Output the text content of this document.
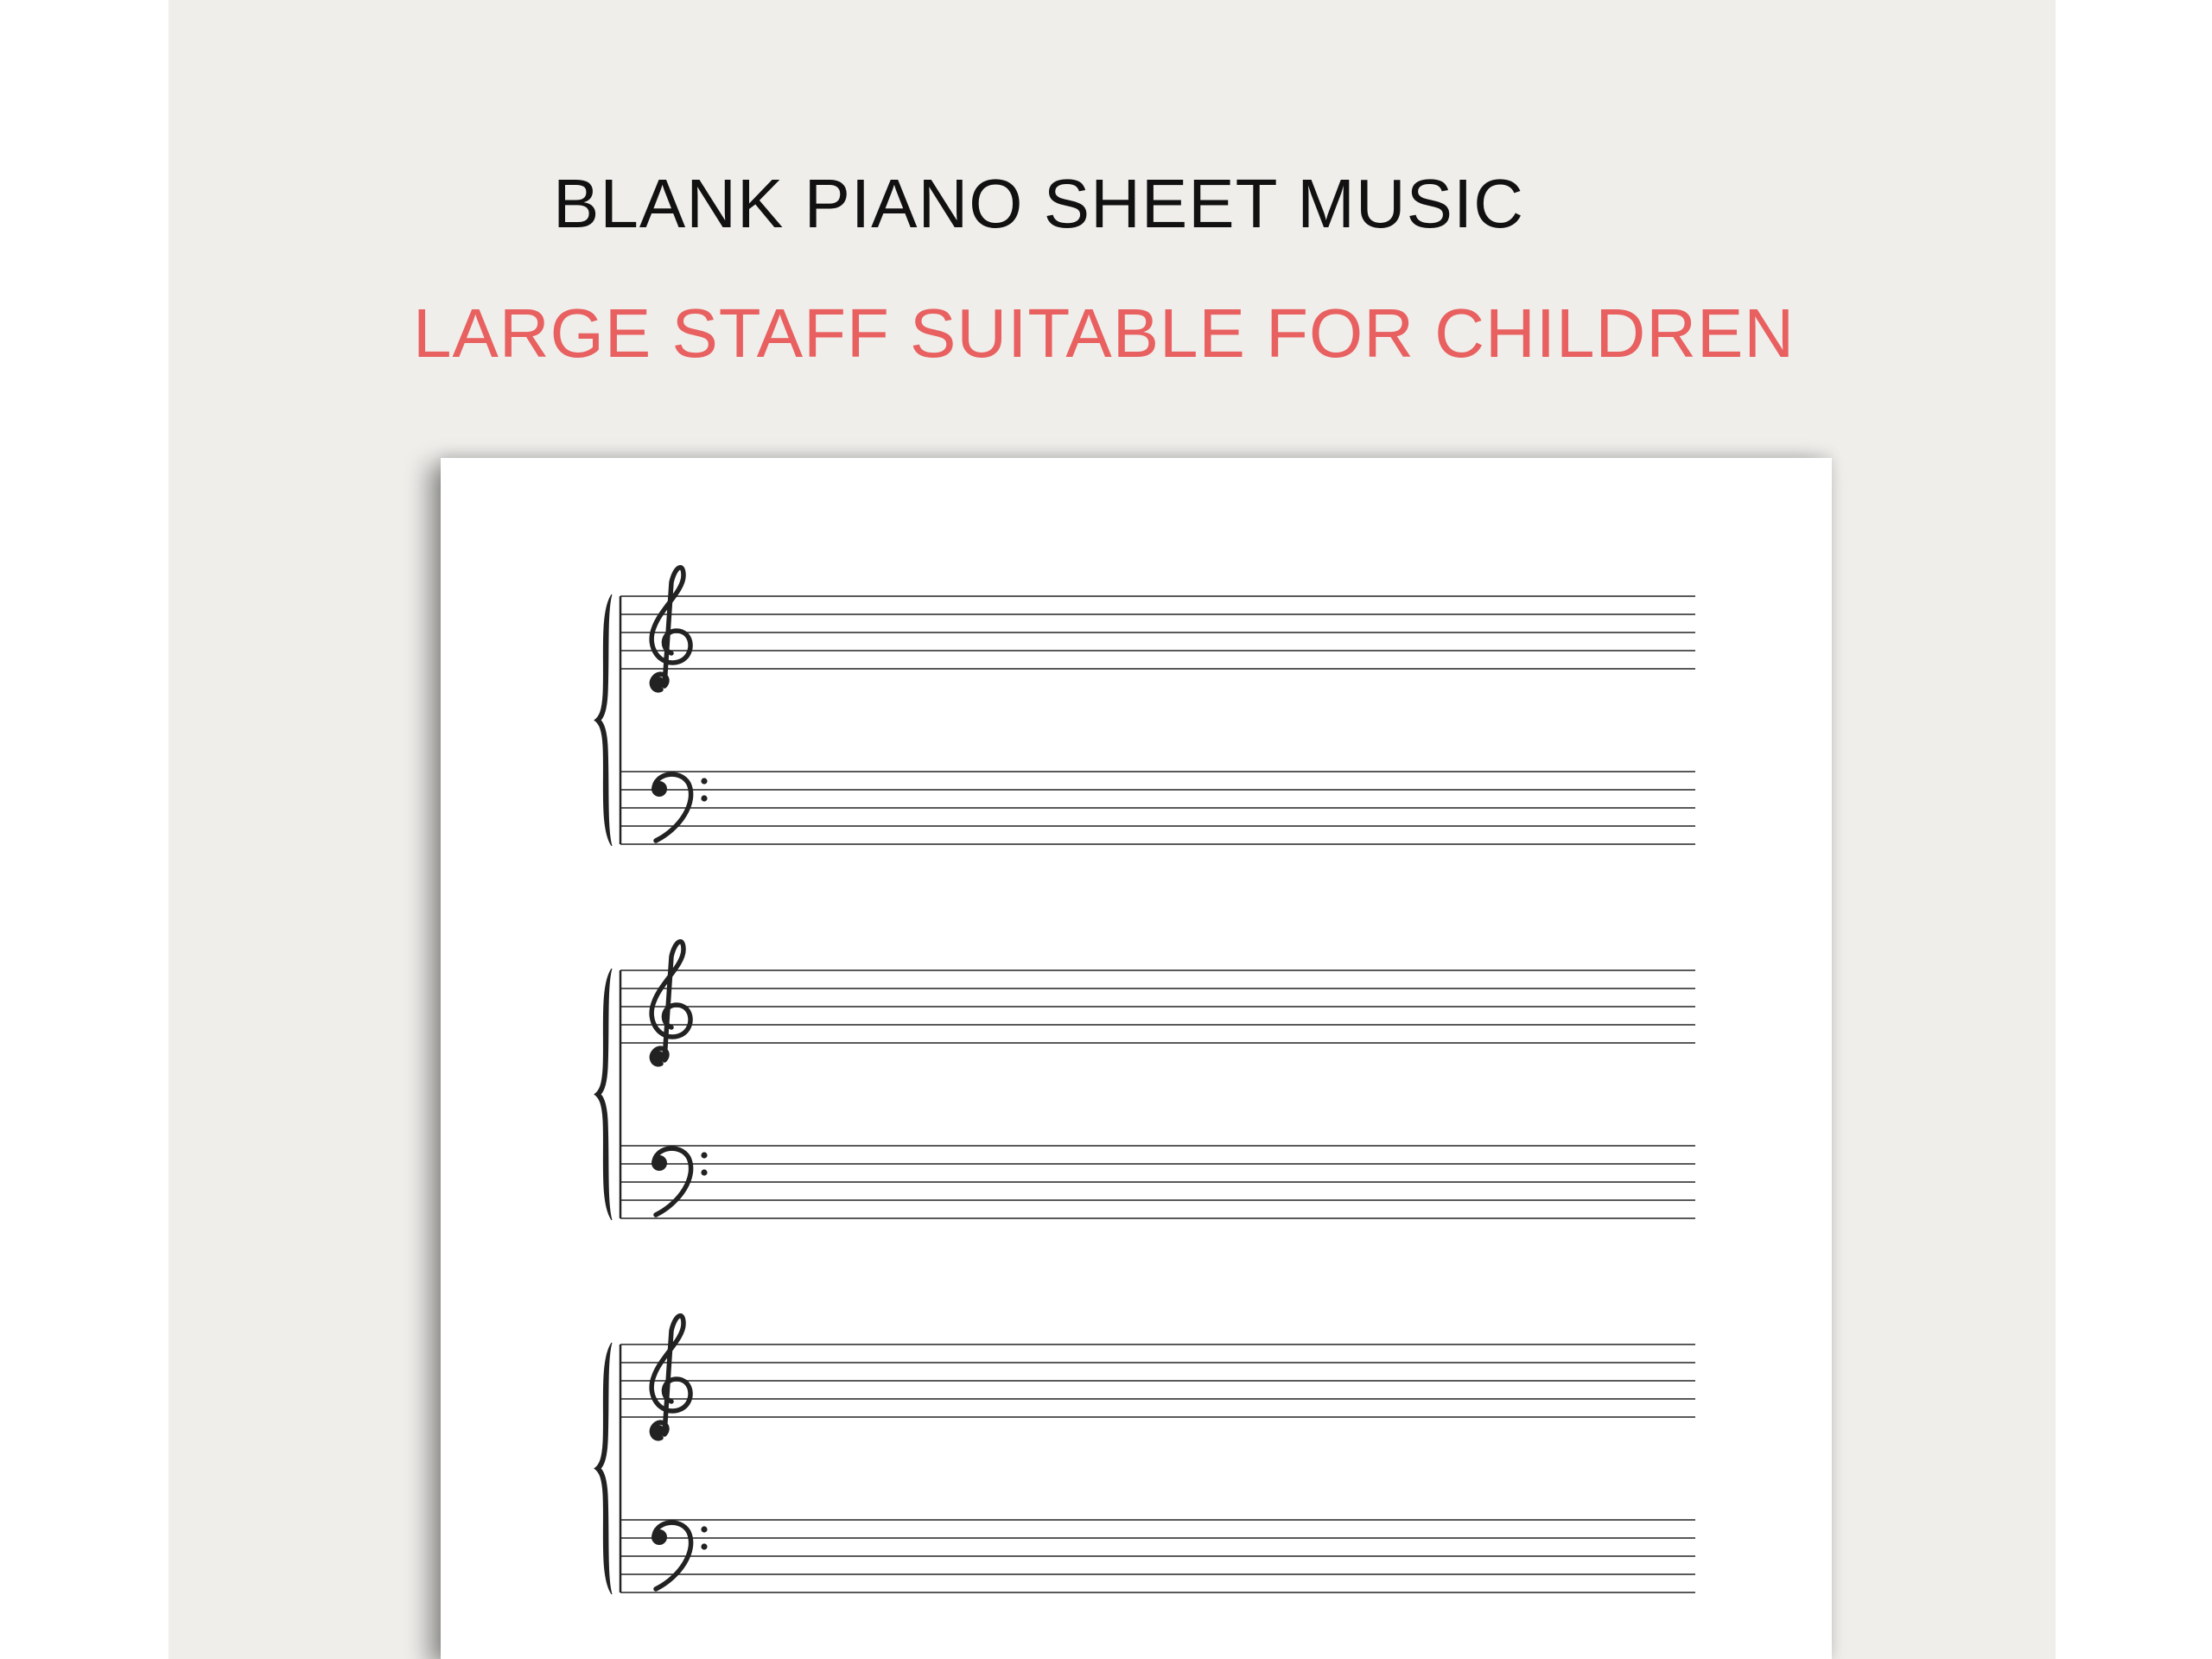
BLANK PIANO SHEET MUSIC
LARGE STAFF SUITABLE FOR CHILDREN
